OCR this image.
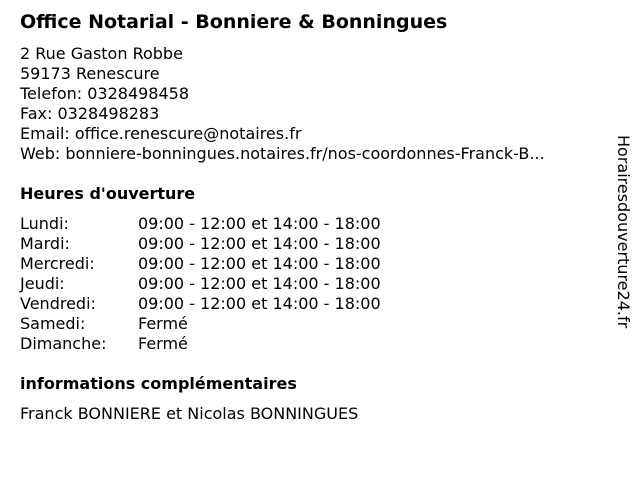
Office Notarial - Bonniere & Bonningues
2 Rue Gaston Robbe
59173 Renescure
Telefon: 0328498458
Fax: 0328498283
Email: office.renescure@notaires.fr
Web: bonniere-bonningues.notaires.fr/nos-coordonnes-Franck-B...
Heures d'ouverture
Lundi:	09:00 - 12:00 et 14:00 - 18:00
Mardi:	09:00 - 12:00 et 14:00 - 18:00
Mercredi:	09:00 - 12:00 et 14:00 - 18:00
Jeudi:	09:00 - 12:00 et 14:00 - 18:00
Vendredi:	09:00 - 12:00 et 14:00 - 18:00
Samedi:	Fermé
Dimanche:	Fermé
informations complémentaires
Franck BONNIERE et Nicolas BONNINGUES
Horairesdouverture24.fr
